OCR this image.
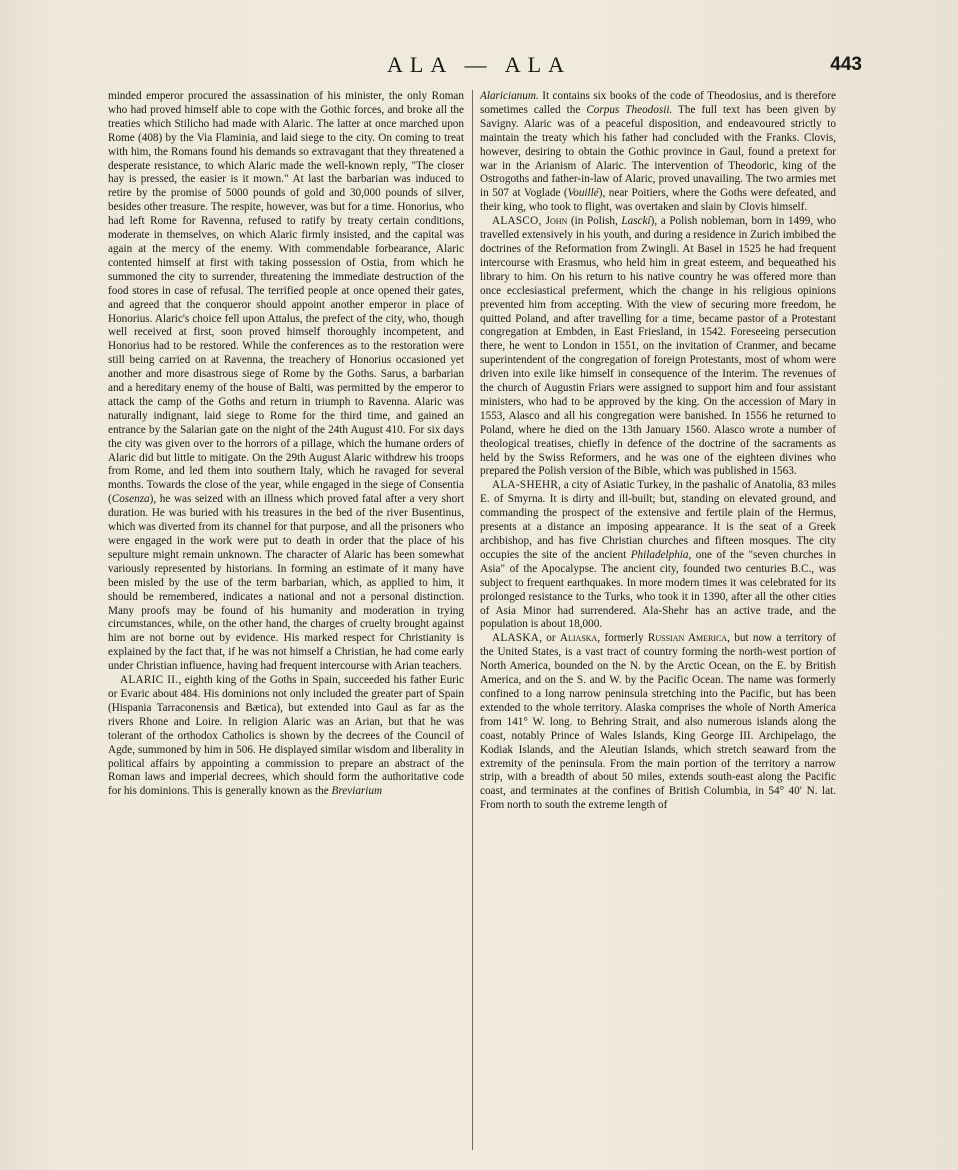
ALA — ALA	443

minded emperor procured the assassination of his minister, the only Roman who had proved himself able to cope with the Gothic forces, and broke all the treaties which Stilicho had made with Alaric. The latter at once marched upon Rome (408) by the Via Flaminia, and laid siege to the city. On coming to treat with him, the Romans found his demands so extravagant that they threatened a desperate resistance, to which Alaric made the well-known reply, "The closer hay is pressed, the easier is it mown." At last the barbarian was induced to retire by the promise of 5000 pounds of gold and 30,000 pounds of silver, besides other treasure. The respite, however, was but for a time. Honorius, who had left Rome for Ravenna, refused to ratify by treaty certain conditions, moderate in themselves, on which Alaric firmly insisted, and the capital was again at the mercy of the enemy. With commendable forbearance, Alaric contented himself at first with taking possession of Ostia, from which he summoned the city to surrender, threatening the immediate destruction of the food stores in case of refusal. The terrified people at once opened their gates, and agreed that the conqueror should appoint another emperor in place of Honorius. Alaric's choice fell upon Attalus, the prefect of the city, who, though well received at first, soon proved himself thoroughly incompetent, and Honorius had to be restored. While the conferences as to the restoration were still being carried on at Ravenna, the treachery of Honorius occasioned yet another and more disastrous siege of Rome by the Goths. Sarus, a barbarian and a hereditary enemy of the house of Balti, was permitted by the emperor to attack the camp of the Goths and return in triumph to Ravenna. Alaric was naturally indignant, laid siege to Rome for the third time, and gained an entrance by the Salarian gate on the night of the 24th August 410. For six days the city was given over to the horrors of a pillage, which the humane orders of Alaric did but little to mitigate. On the 29th August Alaric withdrew his troops from Rome, and led them into southern Italy, which he ravaged for several months. Towards the close of the year, while engaged in the siege of Consentia (Cosenza), he was seized with an illness which proved fatal after a very short duration. He was buried with his treasures in the bed of the river Busentinus, which was diverted from its channel for that purpose, and all the prisoners who were engaged in the work were put to death in order that the place of his sepulture might remain unknown. The character of Alaric has been somewhat variously represented by historians. In forming an estimate of it many have been misled by the use of the term barbarian, which, as applied to him, it should be remembered, indicates a national and not a personal distinction. Many proofs may be found of his humanity and moderation in trying circumstances, while, on the other hand, the charges of cruelty brought against him are not borne out by evidence. His marked respect for Christianity is explained by the fact that, if he was not himself a Christian, he had come early under Christian influence, having had frequent intercourse with Arian teachers.

ALARIC II., eighth king of the Goths in Spain, succeeded his father Euric or Evaric about 484. His dominions not only included the greater part of Spain (Hispania Tarraconensis and Bætica), but extended into Gaul as far as the rivers Rhone and Loire. In religion Alaric was an Arian, but that he was tolerant of the orthodox Catholics is shown by the decrees of the Council of Agde, summoned by him in 506. He displayed similar wisdom and liberality in political affairs by appointing a commission to prepare an abstract of the Roman laws and imperial decrees, which should form the authoritative code for his dominions. This is generally known as the Breviarium

Alaricianum. It contains six books of the code of Theodosius, and is therefore sometimes called the Corpus Theodosii. The full text has been given by Savigny. Alaric was of a peaceful disposition, and endeavoured strictly to maintain the treaty which his father had concluded with the Franks. Clovis, however, desiring to obtain the Gothic province in Gaul, found a pretext for war in the Arianism of Alaric. The intervention of Theodoric, king of the Ostrogoths and father-in-law of Alaric, proved unavailing. The two armies met in 507 at Voglade (Vouillé), near Poitiers, where the Goths were defeated, and their king, who took to flight, was overtaken and slain by Clovis himself.

ALASCO, John (in Polish, Lasckí), a Polish nobleman, born in 1499, who travelled extensively in his youth, and during a residence in Zurich imbibed the doctrines of the Reformation from Zwingli. At Basel in 1525 he had frequent intercourse with Erasmus, who held him in great esteem, and bequeathed his library to him. On his return to his native country he was offered more than once ecclesiastical preferment, which the change in his religious opinions prevented him from accepting. With the view of securing more freedom, he quitted Poland, and after travelling for a time, became pastor of a Protestant congregation at Embden, in East Friesland, in 1542. Foreseeing persecution there, he went to London in 1551, on the invitation of Cranmer, and became superintendent of the congregation of foreign Protestants, most of whom were driven into exile like himself in consequence of the Interim. The revenues of the church of Augustin Friars were assigned to support him and four assistant ministers, who had to be approved by the king. On the accession of Mary in 1553, Alasco and all his congregation were banished. In 1556 he returned to Poland, where he died on the 13th January 1560. Alasco wrote a number of theological treatises, chiefly in defence of the doctrine of the sacraments as held by the Swiss Reformers, and he was one of the eighteen divines who prepared the Polish version of the Bible, which was published in 1563.

ALA-SHEHR, a city of Asiatic Turkey, in the pashalic of Anatolia, 83 miles E. of Smyrna. It is dirty and ill-built; but, standing on elevated ground, and commanding the prospect of the extensive and fertile plain of the Hermus, presents at a distance an imposing appearance. It is the seat of a Greek archbishop, and has five Christian churches and fifteen mosques. The city occupies the site of the ancient Philadelphia, one of the "seven churches in Asia" of the Apocalypse. The ancient city, founded two centuries B.C., was subject to frequent earthquakes. In more modern times it was celebrated for its prolonged resistance to the Turks, who took it in 1390, after all the other cities of Asia Minor had surrendered. Ala-Shehr has an active trade, and the population is about 18,000.

ALASKA, or Aliaska, formerly Russian America, but now a territory of the United States, is a vast tract of country forming the north-west portion of North America, bounded on the N. by the Arctic Ocean, on the E. by British America, and on the S. and W. by the Pacific Ocean. The name was formerly confined to a long narrow peninsula stretching into the Pacific, but has been extended to the whole territory. Alaska comprises the whole of North America from 141° W. long. to Behring Strait, and also numerous islands along the coast, notably Prince of Wales Islands, King George III. Archipelago, the Kodiak Islands, and the Aleutian Islands, which stretch seaward from the extremity of the peninsula. From the main portion of the territory a narrow strip, with a breadth of about 50 miles, extends south-east along the Pacific coast, and terminates at the confines of British Columbia, in 54° 40′ N. lat. From north to south the extreme length of
